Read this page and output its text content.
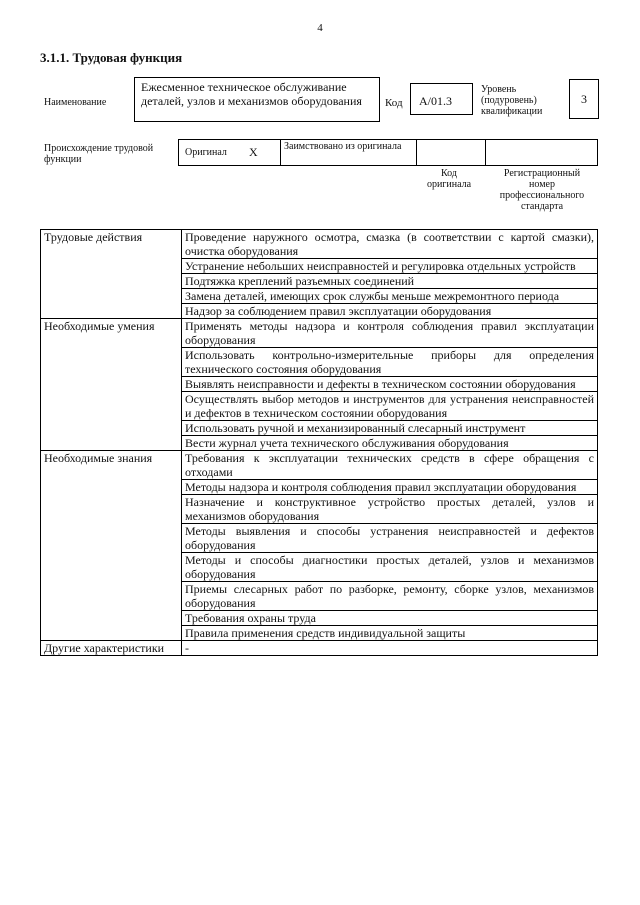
4
3.1.1. Трудовая функция
Наименование
Ежесменное техническое обслуживание деталей, узлов и механизмов оборудования	Код	A/01.3
Уровень (подуровень) квалификации
3
Происхождение трудовой функции
Оригинал X	Заимствовано из оригинала
Код оригинала
Регистрационный номер профессионального стандарта
Трудовые действия	Проведение наружного осмотра, смазка (в соответствии с картой смазки), очистка оборудования
	Устранение небольших неисправностей и регулировка отдельных устройств
	Подтяжка креплений разъемных соединений
	Замена деталей, имеющих срок службы меньше межремонтного периода
	Надзор за соблюдением правил эксплуатации оборудования
Необходимые умения	Применять методы надзора и контроля соблюдения правил эксплуатации оборудования
	Использовать контрольно-измерительные приборы для определения технического состояния оборудования
	Выявлять неисправности и дефекты в техническом состоянии оборудования
	Осуществлять выбор методов и инструментов для устранения неисправностей и дефектов в техническом состоянии оборудования
	Использовать ручной и механизированный слесарный инструмент
	Вести журнал учета технического обслуживания оборудования
Необходимые знания	Требования к эксплуатации технических средств в сфере обращения с отходами
	Методы надзора и контроля соблюдения правил эксплуатации оборудования
	Назначение и конструктивное устройство простых деталей, узлов и механизмов оборудования
	Методы выявления и способы устранения неисправностей и дефектов оборудования
	Методы и способы диагностики простых деталей, узлов и механизмов оборудования
	Приемы слесарных работ по разборке, ремонту, сборке узлов, механизмов оборудования
	Требования охраны труда
	Правила применения средств индивидуальной защиты
Другие характеристики	-
